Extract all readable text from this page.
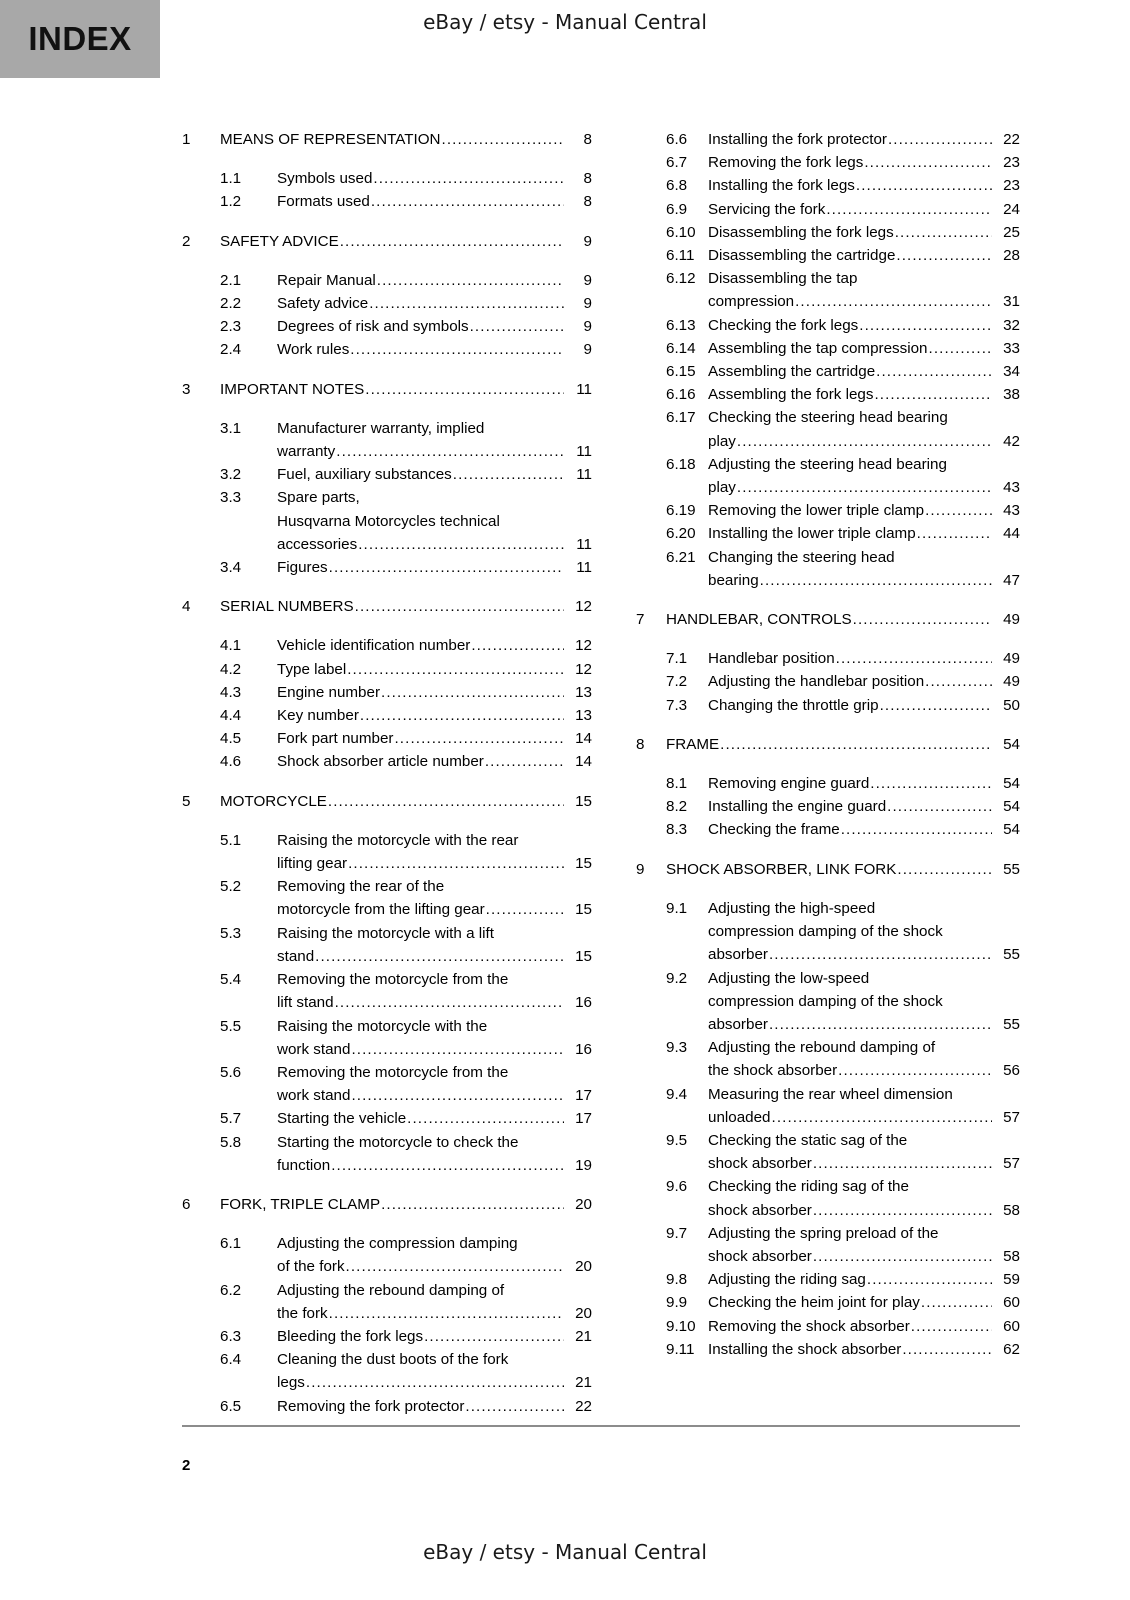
INDEX	eBay / etsy - Manual Central
1	MEANS OF REPRESENTATION .....	8
1.1	Symbols used .....	8
1.2	Formats used .....	8
2	SAFETY ADVICE .....	9
2.1	Repair Manual .....	9
2.2	Safety advice .....	9
2.3	Degrees of risk and symbols .....	9
2.4	Work rules .....	9
3	IMPORTANT NOTES .....	11
3.1	Manufacturer warranty, implied
warranty .....	11
3.2	Fuel, auxiliary substances .....	11
3.3	Spare parts,
Husqvarna Motorcycles technical
accessories .....	11
3.4	Figures .....	11
4	SERIAL NUMBERS .....	12
4.1	Vehicle identification number .....	12
4.2	Type label .....	12
4.3	Engine number .....	13
4.4	Key number .....	13
4.5	Fork part number .....	14
4.6	Shock absorber article number .....	14
5	MOTORCYCLE .....	15
5.1	Raising the motorcycle with the rear
lifting gear .....	15
5.2	Removing the rear of the
motorcycle from the lifting gear .....	15
5.3	Raising the motorcycle with a lift
stand .....	15
5.4	Removing the motorcycle from the
lift stand .....	16
5.5	Raising the motorcycle with the
work stand .....	16
5.6	Removing the motorcycle from the
work stand .....	17
5.7	Starting the vehicle .....	17
5.8	Starting the motorcycle to check the
function .....	19
6	FORK, TRIPLE CLAMP .....	20
6.1	Adjusting the compression damping
of the fork .....	20
6.2	Adjusting the rebound damping of
the fork .....	20
6.3	Bleeding the fork legs .....	21
6.4	Cleaning the dust boots of the fork
legs .....	21
6.5	Removing the fork protector .....	22
6.6	Installing the fork protector .....	22
6.7	Removing the fork legs .....	23
6.8	Installing the fork legs .....	23
6.9	Servicing the fork .....	24
6.10 Disassembling the fork legs .....	25
6.11 Disassembling the cartridge .....	28
6.12 Disassembling the tap
compression .....	31
6.13 Checking the fork legs .....	32
6.14 Assembling the tap compression .....	33
6.15 Assembling the cartridge .....	34
6.16 Assembling the fork legs .....	38
6.17 Checking the steering head bearing
play .....	42
6.18 Adjusting the steering head bearing
play .....	43
6.19 Removing the lower triple clamp .....	43
6.20 Installing the lower triple clamp .....	44
6.21 Changing the steering head
bearing .....	47
7	HANDLEBAR, CONTROLS .....	49
7.1	Handlebar position .....	49
7.2	Adjusting the handlebar position .....	49
7.3	Changing the throttle grip .....	50
8	FRAME .....	54
8.1	Removing engine guard .....	54
8.2	Installing the engine guard .....	54
8.3	Checking the frame .....	54
9	SHOCK ABSORBER, LINK FORK .....	55
9.1	Adjusting the high-speed
compression damping of the shock
absorber .....	55
9.2	Adjusting the low-speed
compression damping of the shock
absorber .....	55
9.3	Adjusting the rebound damping of
the shock absorber .....	56
9.4	Measuring the rear wheel dimension
unloaded .....	57
9.5	Checking the static sag of the
shock absorber .....	57
9.6	Checking the riding sag of the
shock absorber .....	58
9.7	Adjusting the spring preload of the
shock absorber .....	58
9.8	Adjusting the riding sag .....	59
9.9	Checking the heim joint for play .....	60
9.10 Removing the shock absorber .....	60
9.11 Installing the shock absorber .....	62
2
eBay / etsy - Manual Central
